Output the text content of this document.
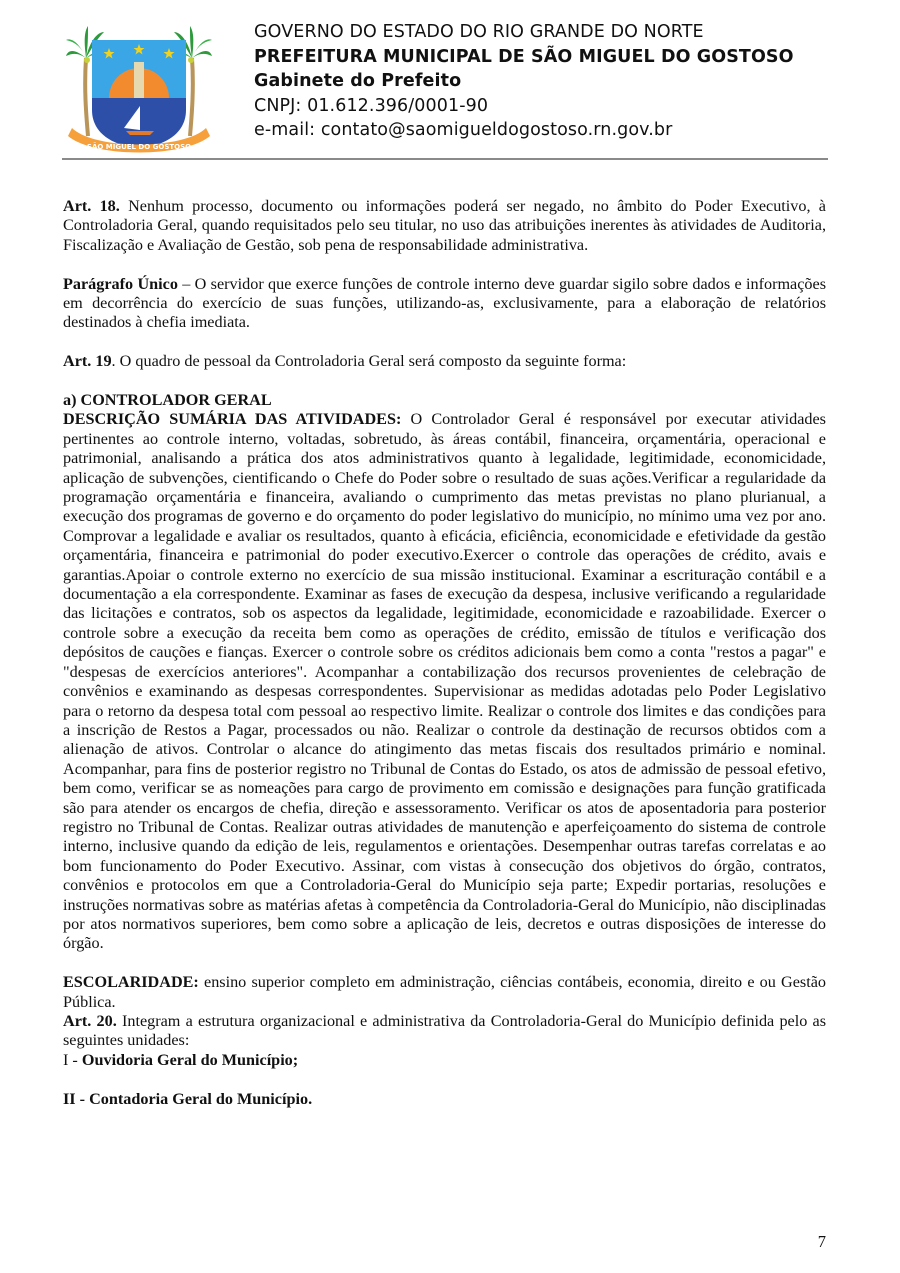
SÃO MIGUEL DO GOSTOSO
GOVERNO DO ESTADO DO RIO GRANDE DO NORTE
PREFEITURA MUNICIPAL DE SÃO MIGUEL DO GOSTOSO
Gabinete do Prefeito
CNPJ: 01.612.396/0001-90
e-mail: contato@saomigueldogostoso.rn.gov.br

Art. 18. Nenhum processo, documento ou informações poderá ser negado, no âmbito do Poder Executivo, à Controladoria Geral, quando requisitados pelo seu titular, no uso das atribuições inerentes às atividades de Auditoria, Fiscalização e Avaliação de Gestão, sob pena de responsabilidade administrativa.

Parágrafo Único – O servidor que exerce funções de controle interno deve guardar sigilo sobre dados e informações em decorrência do exercício de suas funções, utilizando-as, exclusivamente, para a elaboração de relatórios destinados à chefia imediata.

Art. 19. O quadro de pessoal da Controladoria Geral será composto da seguinte forma:

a) CONTROLADOR GERAL

DESCRIÇÃO SUMÁRIA DAS ATIVIDADES: O Controlador Geral é responsável por executar atividades pertinentes ao controle interno, voltadas, sobretudo, às áreas contábil, financeira, orçamentária, operacional e patrimonial, analisando a prática dos atos administrativos quanto à legalidade, legitimidade, economicidade, aplicação de subvenções, cientificando o Chefe do Poder sobre o resultado de suas ações.Verificar a regularidade da programação orçamentária e financeira, avaliando o cumprimento das metas previstas no plano plurianual, a execução dos programas de governo e do orçamento do poder legislativo do município, no mínimo uma vez por ano. Comprovar a legalidade e avaliar os resultados, quanto à eficácia, eficiência, economicidade e efetividade da gestão orçamentária, financeira e patrimonial do poder executivo.Exercer o controle das operações de crédito, avais e garantias.Apoiar o controle externo no exercício de sua missão institucional. Examinar a escrituração contábil e a documentação a ela correspondente. Examinar as fases de execução da despesa, inclusive verificando a regularidade das licitações e contratos, sob os aspectos da legalidade, legitimidade, economicidade e razoabilidade. Exercer o controle sobre a execução da receita bem como as operações de crédito, emissão de títulos e verificação dos depósitos de cauções e fianças. Exercer o controle sobre os créditos adicionais bem como a conta "restos a pagar" e "despesas de exercícios anteriores". Acompanhar a contabilização dos recursos provenientes de celebração de convênios e examinando as despesas correspondentes. Supervisionar as medidas adotadas pelo Poder Legislativo para o retorno da despesa total com pessoal ao respectivo limite. Realizar o controle dos limites e das condições para a inscrição de Restos a Pagar, processados ou não. Realizar o controle da destinação de recursos obtidos com a alienação de ativos. Controlar o alcance do atingimento das metas fiscais dos resultados primário e nominal. Acompanhar, para fins de posterior registro no Tribunal de Contas do Estado, os atos de admissão de pessoal efetivo, bem como, verificar se as nomeações para cargo de provimento em comissão e designações para função gratificada são para atender os encargos de chefia, direção e assessoramento. Verificar os atos de aposentadoria para posterior registro no Tribunal de Contas. Realizar outras atividades de manutenção e aperfeiçoamento do sistema de controle interno, inclusive quando da edição de leis, regulamentos e orientações. Desempenhar outras tarefas correlatas e ao bom funcionamento do Poder Executivo. Assinar, com vistas à consecução dos objetivos do órgão, contratos, convênios e protocolos em que a Controladoria-Geral do Município seja parte; Expedir portarias, resoluções e instruções normativas sobre as matérias afetas à competência da Controladoria-Geral do Município, não disciplinadas por atos normativos superiores, bem como sobre a aplicação de leis, decretos e outras disposições de interesse do órgão.

ESCOLARIDADE: ensino superior completo em administração, ciências contábeis, economia, direito e ou Gestão Pública.

Art. 20. Integram a estrutura organizacional e administrativa da Controladoria-Geral do Município definida pelo as seguintes unidades:

I - Ouvidoria Geral do Município;

II - Contadoria Geral do Município.

7
